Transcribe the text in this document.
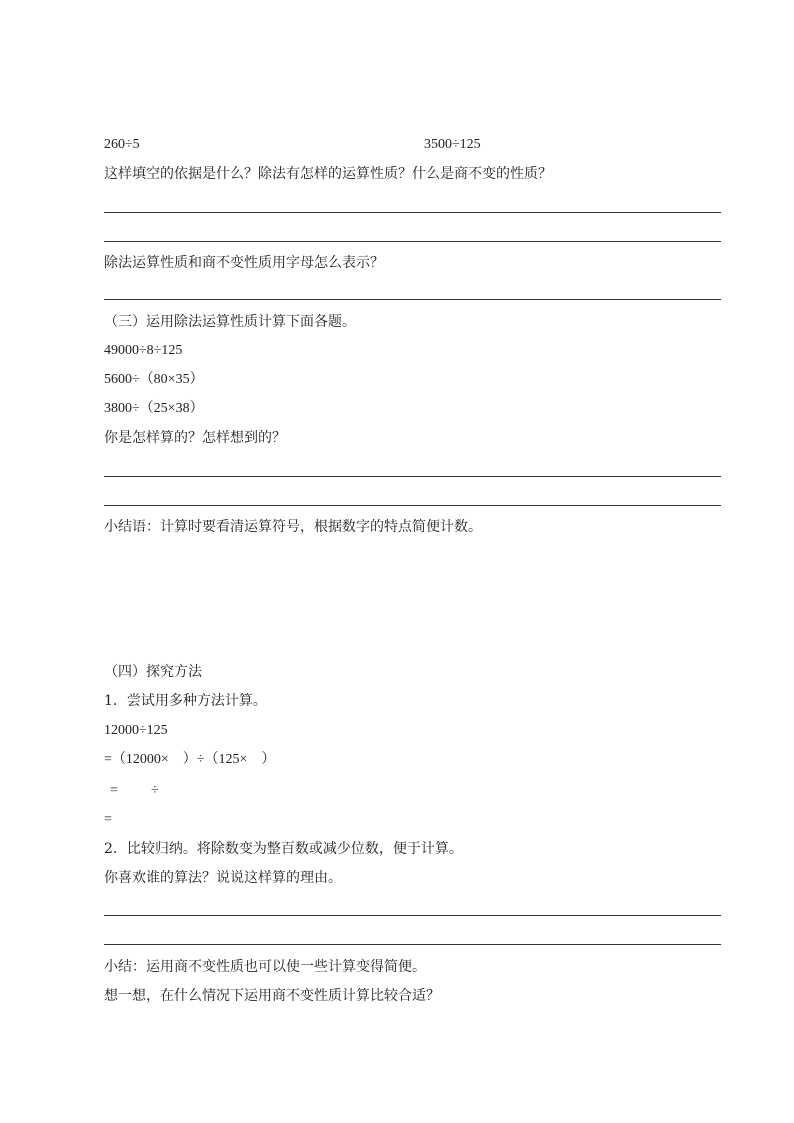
260÷5	3500÷125
这样填空的依据是什么？除法有怎样的运算性质？什么是商不变的性质？
除法运算性质和商不变性质用字母怎么表示？
（三）运用除法运算性质计算下面各题。
49000÷8÷125
5600÷（80×35）
3800÷（25×38）
你是怎样算的？怎样想到的？
小结语：计算时要看清运算符号，根据数字的特点简便计数。
（四）探究方法
1．尝试用多种方法计算。
12000÷125
=（12000×　）÷（125×　）
= ÷
=
2．比较归纳。将除数变为整百数或减少位数，便于计算。
你喜欢谁的算法？说说这样算的理由。
小结：运用商不变性质也可以使一些计算变得简便。
想一想，在什么情况下运用商不变性质计算比较合适？
